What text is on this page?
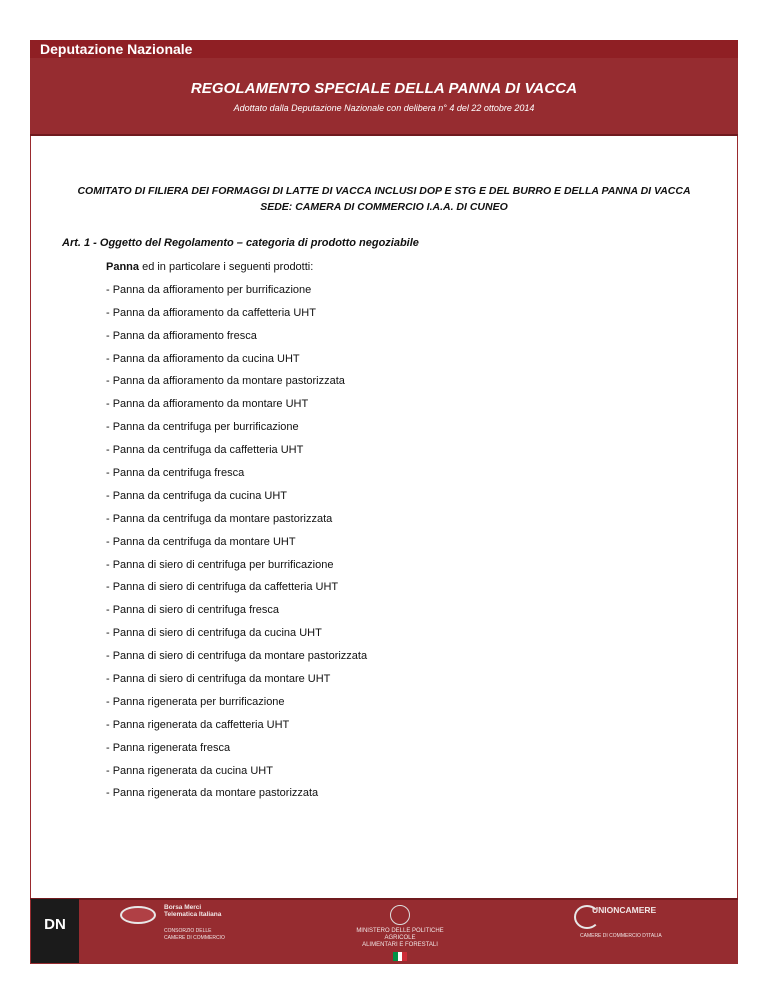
Deputazione Nazionale
REGOLAMENTO SPECIALE DELLA PANNA DI VACCA
Adottato dalla Deputazione Nazionale con delibera n° 4 del 22 ottobre 2014
COMITATO DI FILIERA DEI FORMAGGI DI LATTE DI VACCA INCLUSI DOP E STG E DEL BURRO E DELLA PANNA DI VACCA
SEDE: CAMERA DI COMMERCIO I.A.A. DI CUNEO
Art. 1 - Oggetto del Regolamento – categoria di prodotto negoziabile
Panna ed in particolare i seguenti prodotti:
- Panna da affioramento per burrificazione
- Panna da affioramento da caffetteria UHT
- Panna da affioramento fresca
- Panna da affioramento da cucina UHT
- Panna da affioramento da montare pastorizzata
- Panna da affioramento da montare UHT
- Panna da centrifuga per burrificazione
- Panna da centrifuga da caffetteria UHT
- Panna da centrifuga fresca
- Panna da centrifuga da cucina UHT
- Panna da centrifuga da montare pastorizzata
- Panna da centrifuga da montare UHT
- Panna di siero di centrifuga per burrificazione
- Panna di siero di centrifuga da caffetteria UHT
- Panna di siero di centrifuga fresca
- Panna di siero di centrifuga da cucina UHT
- Panna di siero di centrifuga da montare pastorizzata
- Panna di siero di centrifuga da montare UHT
- Panna rigenerata per burrificazione
- Panna rigenerata da caffetteria UHT
- Panna rigenerata fresca
- Panna rigenerata da cucina UHT
- Panna rigenerata da montare pastorizzata
DN
Borsa Merci
Telematica Italiana
CONSORZIO DELLE
CAMERE DI COMMERCIO
MINISTERO DELLE POLITICHE AGRICOLE
ALIMENTARI E FORESTALI
UNIONCAMERE
CAMERE DI COMMERCIO D'ITALIA
